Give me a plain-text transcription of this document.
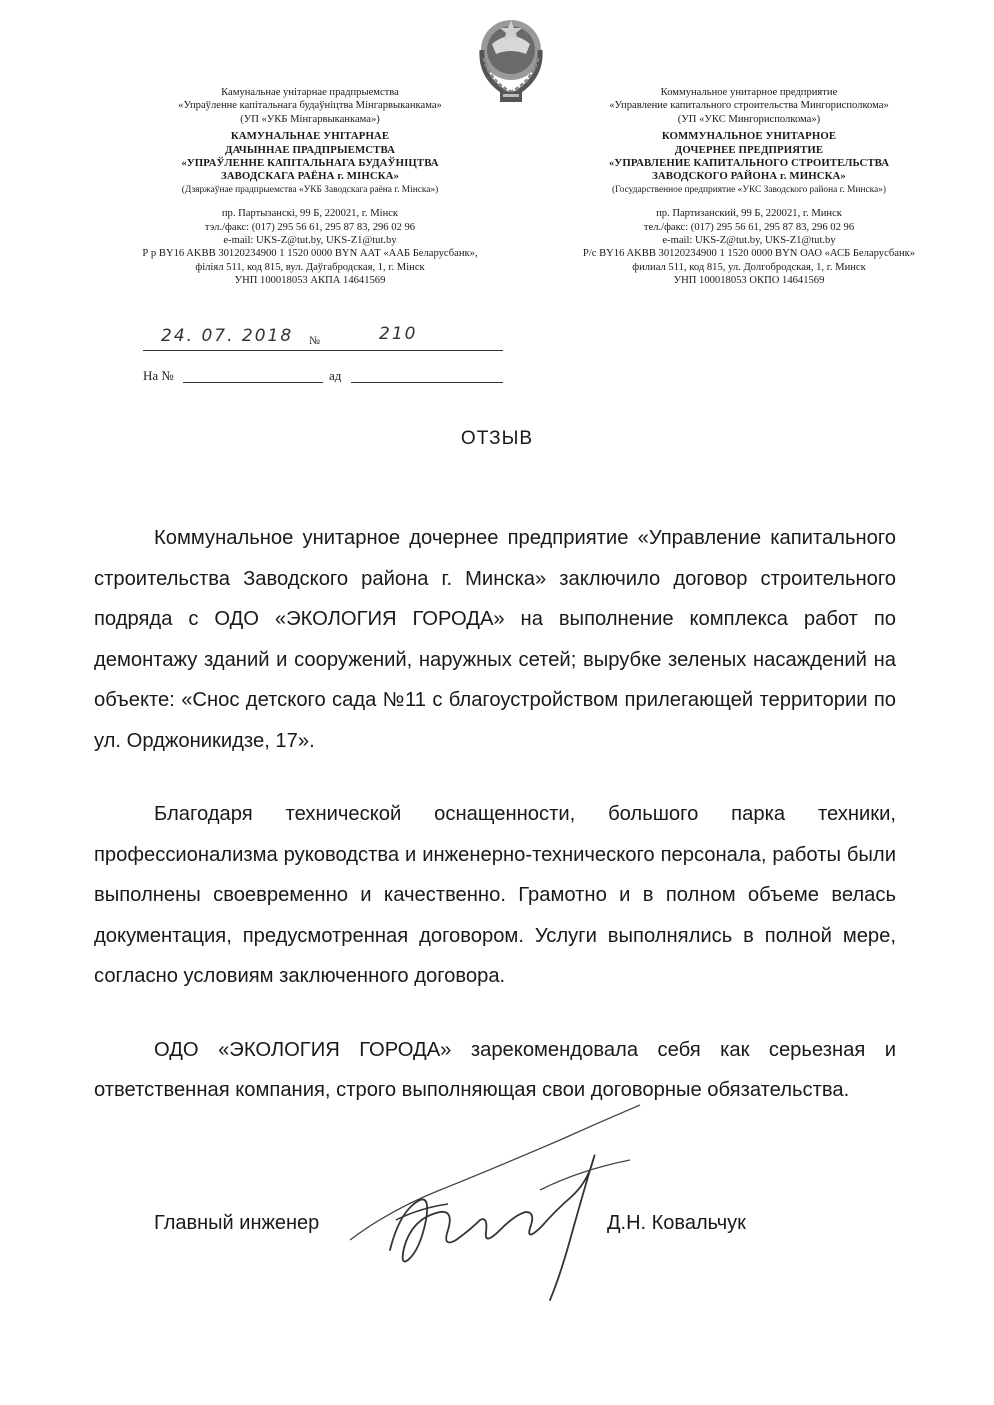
Камунальнае унітарнае прадпрыемства
«Упраўленне капітальнага будаўніцтва Мінгарвыканкама»
(УП «УКБ Мінгарвыканкама»)
КАМУНАЛЬНАЕ УНІТАРНАЕ
ДАЧЫННАЕ ПРАДПРЫЕМСТВА
«УПРАЎЛЕННЕ КАПІТАЛЬНАГА БУДАЎНІЦТВА
ЗАВОДСКАГА РАЁНА г. МІНСКА»
(Дзяржаўнае прадпрыемства «УКБ Заводскага раёна г. Мінска»)
пр. Партызанскі, 99 Б, 220021, г. Мінск
тэл./факс: (017) 295 56 61, 295 87 83, 296 02 96
e-mail: UKS-Z@tut.by, UKS-Z1@tut.by
Р р BY16 AKBB 30120234900 1 1520 0000 BYN ААТ «ААБ Беларусбанк»,
філіял 511, код 815, вул. Даўгабродская, 1, г. Мінск
УНП 100018053 АКПА 14641569
Коммунальное унитарное предприятие
«Управление капитального строительства Мингорисполкома»
(УП «УКС Мингорисполкома»)
КОММУНАЛЬНОЕ УНИТАРНОЕ
ДОЧЕРНЕЕ ПРЕДПРИЯТИЕ
«УПРАВЛЕНИЕ КАПИТАЛЬНОГО СТРОИТЕЛЬСТВА
ЗАВОДСКОГО РАЙОНА г. МИНСКА»
(Государственное предприятие «УКС Заводского района г. Минска»)
пр. Партизанский, 99 Б, 220021, г. Минск
тел./факс: (017) 295 56 61, 295 87 83, 296 02 96
e-mail: UKS-Z@tut.by, UKS-Z1@tut.by
Р/с BY16 AKBB 30120234900 1 1520 0000 BYN ОАО «АСБ Беларусбанк»
филиал 511, код 815, ул. Долгобродская, 1, г. Минск
УНП 100018053 ОКПО 14641569
24. 07. 2018 №	210
На №	ад
ОТЗЫВ

Коммунальное унитарное дочернее предприятие «Управление капитального строительства Заводского района г. Минска» заключило договор строительного подряда с ОДО «ЭКОЛОГИЯ ГОРОДА» на выполнение комплекса работ по демонтажу зданий и сооружений, наружных сетей; вырубке зеленых насаждений на объекте: «Снос детского сада №11 с благоустройством прилегающей территории по ул. Орджоникидзе, 17».

Благодаря технической оснащенности, большого парка техники, профессионализма руководства и инженерно-технического персонала, работы были выполнены своевременно и качественно. Грамотно и в полном объеме велась документация, предусмотренная договором. Услуги выполнялись в полной мере, согласно условиям заключенного договора.

ОДО «ЭКОЛОГИЯ ГОРОДА» зарекомендовала себя как серьезная и ответственная компания, строго выполняющая свои договорные обязательства.

Главный инженер	Д.Н. Ковальчук
